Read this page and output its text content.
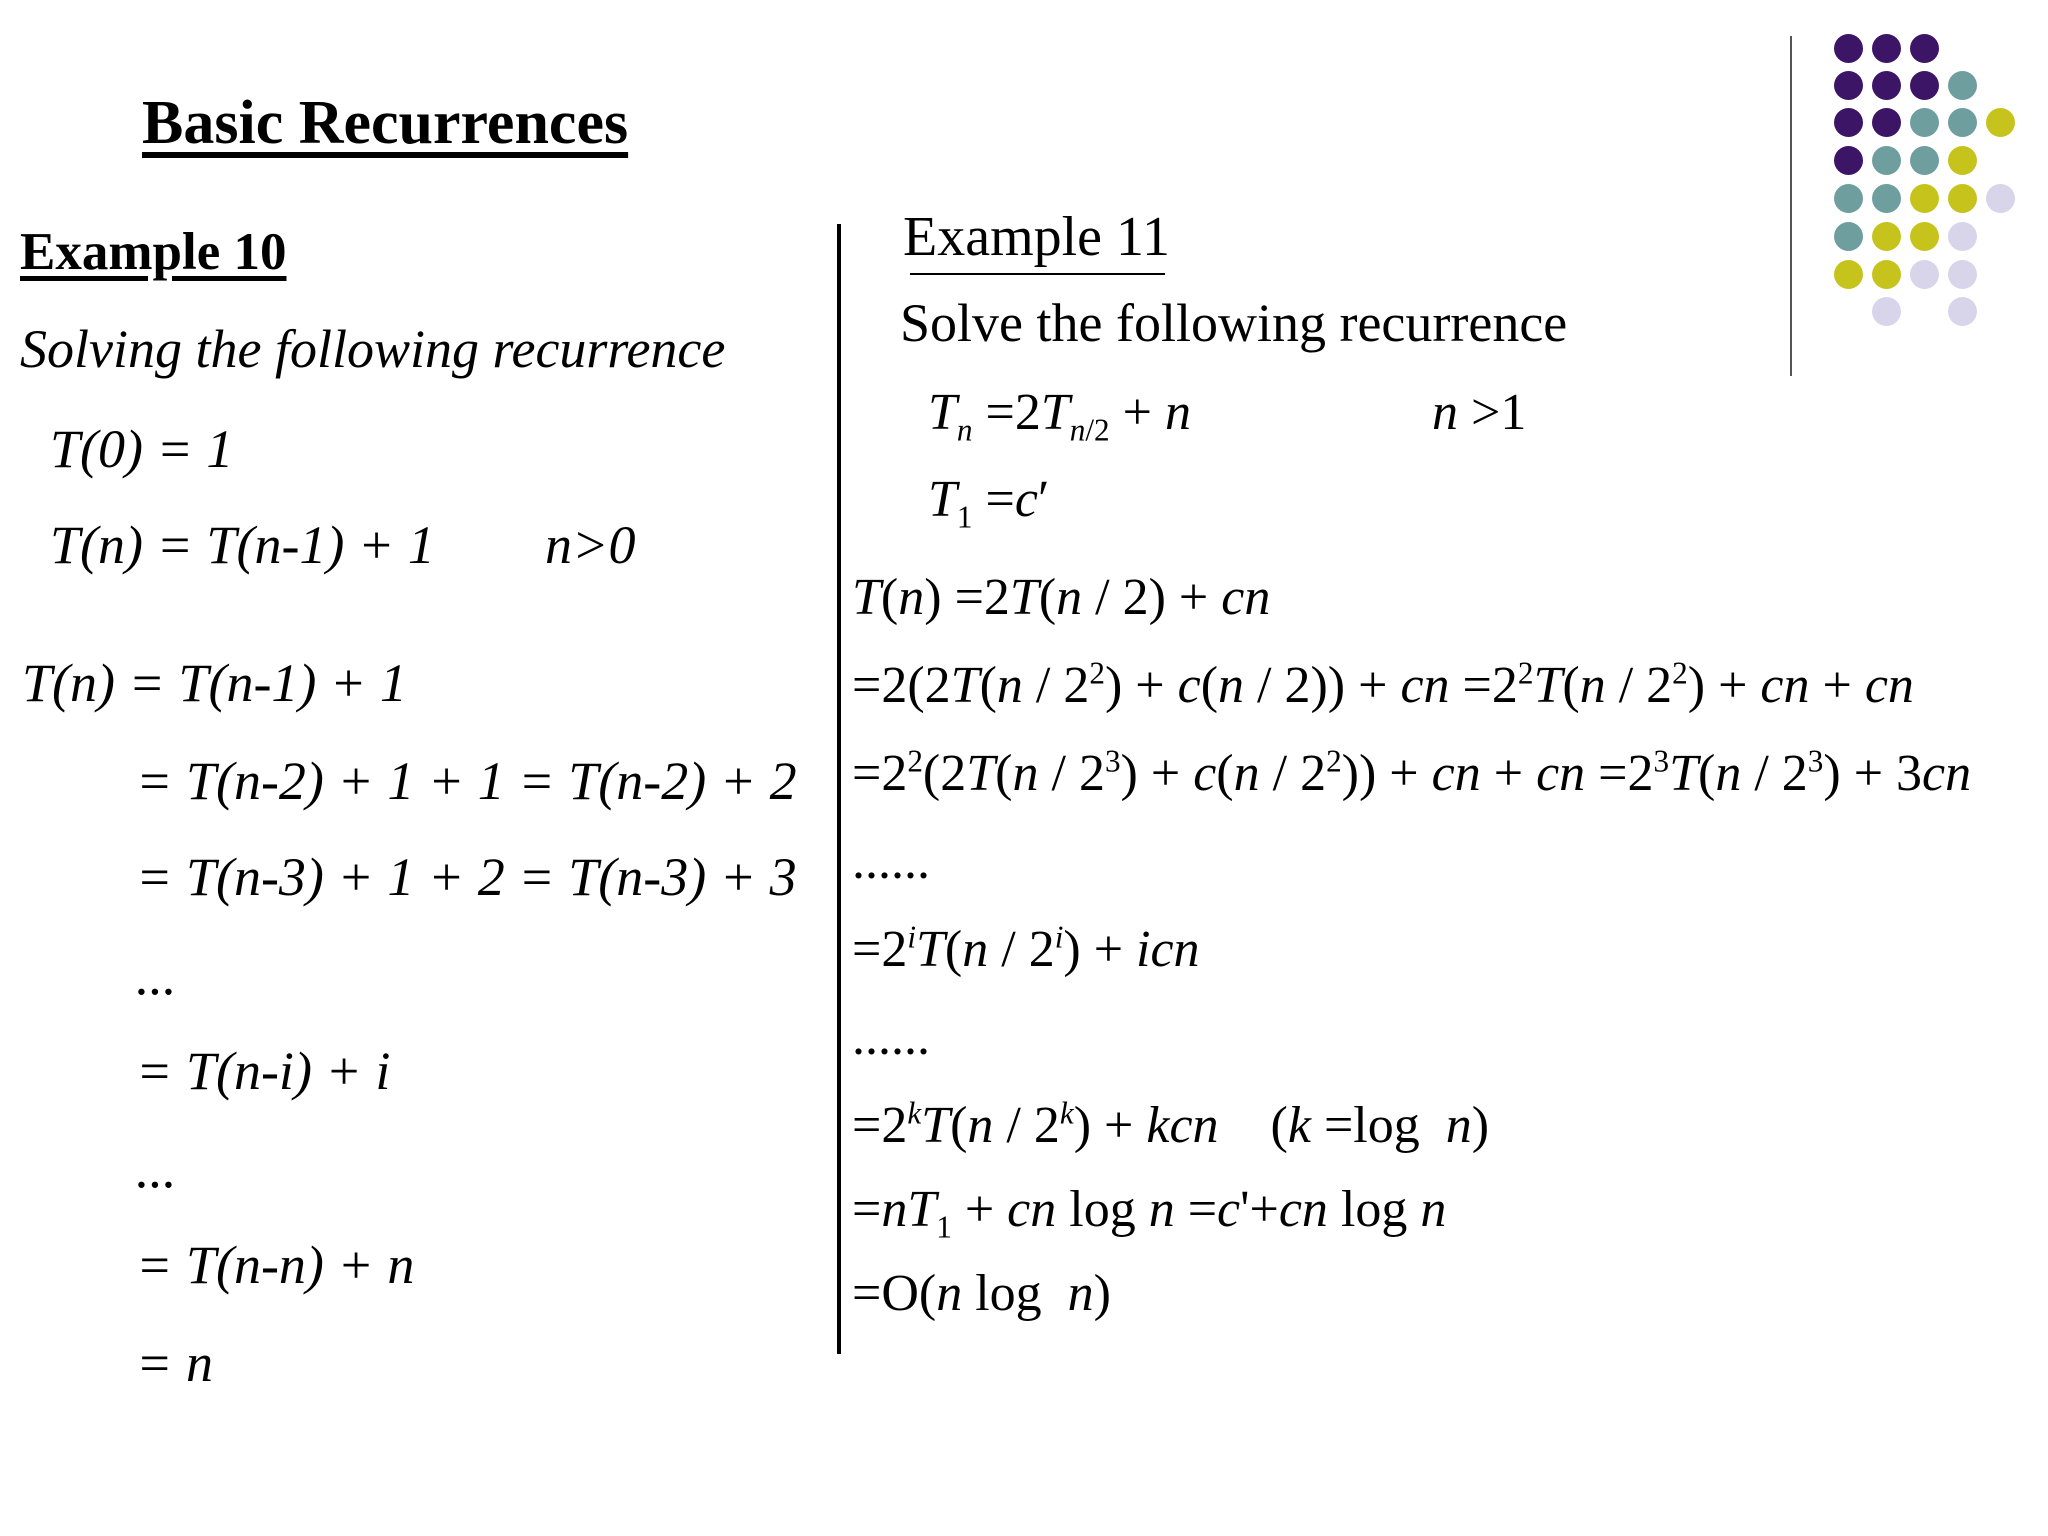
Basic Recurrences
Example 10
Solving the following recurrence
T(0) = 1
T(n) = T(n-1) + 1 n>0
T(n) = T(n-1) + 1
= T(n-2) + 1 + 1 = T(n-2) + 2
= T(n-3) + 1 + 2 = T(n-3) + 3
...
= T(n-i) + i
...
= T(n-n) + n
= n
Example 11
Solve the following recurrence
$T_n =2T_{n/2} + n$	n >1
$T_1 =c'$
T(n) =2T(n / 2) + cn
$=2(2T(n / 2^2) + c(n / 2))$ + cn $=2^2T(n / 2^2)$ + cn + cn
$=2^2(2T(n / 2^3) + c(n / 2^2))$ + cn + cn $=2^3T(n / 2^3) + 3cn$
......
$=2^iT(n / 2^i)$ + icn
......
$=2^kT(n / 2^k)$ + kcn    (k =log  n)
$=nT_1$ + cn log n =c'+cn log n
=O(n log  n)
